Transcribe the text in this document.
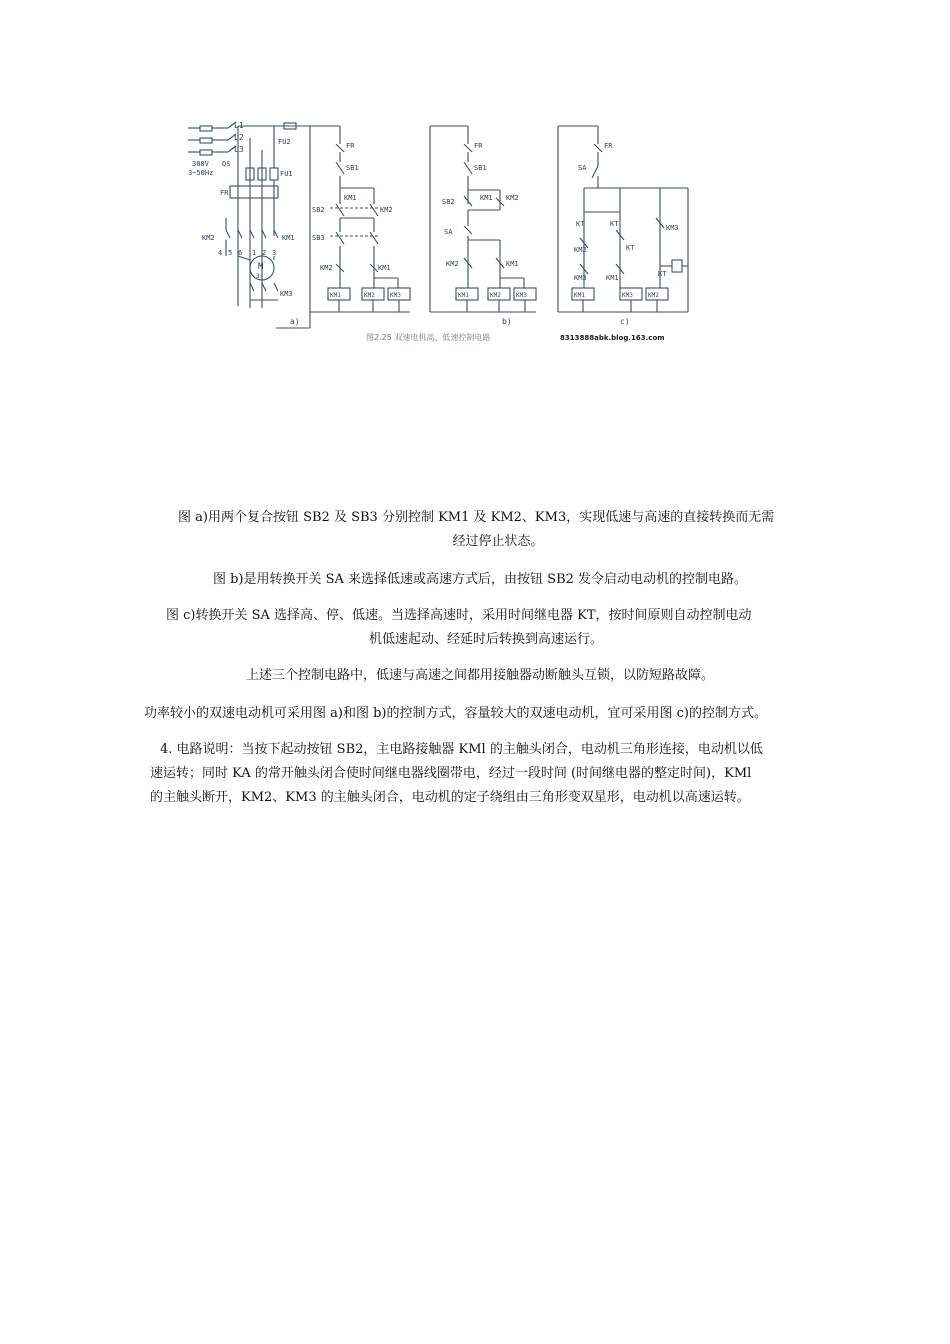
L1
L2
L3
380V
3~50Hz
QS
FU1
FU2
FR
KM2	KM1
KM3
4 5 6 1 2 3
M
3~
FR
SB1
SB2
SB3
KM1
KM2
KM2	KM1
KM1	KM2	KM3
a)
FR
SB1
SB2
SA
KM1 KM2
KM2	KM1
KM1	KM2	KM3
b)
图2.25 双速电机高、低速控制电路
FR
SA
KT	KT
KM2	KT
KM3
KM1
KM3	KT
KM1	KM3	KM2
c)
8313888abk.blog.163.com

图 a)用两个复合按钮 SB2 及 SB3 分别控制 KM1 及 KM2、KM3，实现低速与高速的直接转换而无需

经过停止状态。

图 b)是用转换开关 SA 来选择低速或高速方式后，由按钮 SB2 发令启动电动机的控制电路。

图 c)转换开关 SA 选择高、停、低速。当选择高速时，采用时间继电器 KT，按时间原则自动控制电动

机低速起动、经延时后转换到高速运行。

上述三个控制电路中，低速与高速之间都用接触器动断触头互锁，以防短路故障。

功率较小的双速电动机可采用图 a)和图 b)的控制方式，容量较大的双速电动机，宜可采用图 c)的控制方式。

4. 电路说明：当按下起动按钮 SB2，主电路接触器 KMl 的主触头闭合，电动机三角形连接，电动机以低

速运转；同时 KA 的常开触头闭合使时间继电器线圈带电，经过一段时间 (时间继电器的整定时间)，KMl

的主触头断开，KM2、KM3 的主触头闭合，电动机的定子绕组由三角形变双星形，电动机以高速运转。
